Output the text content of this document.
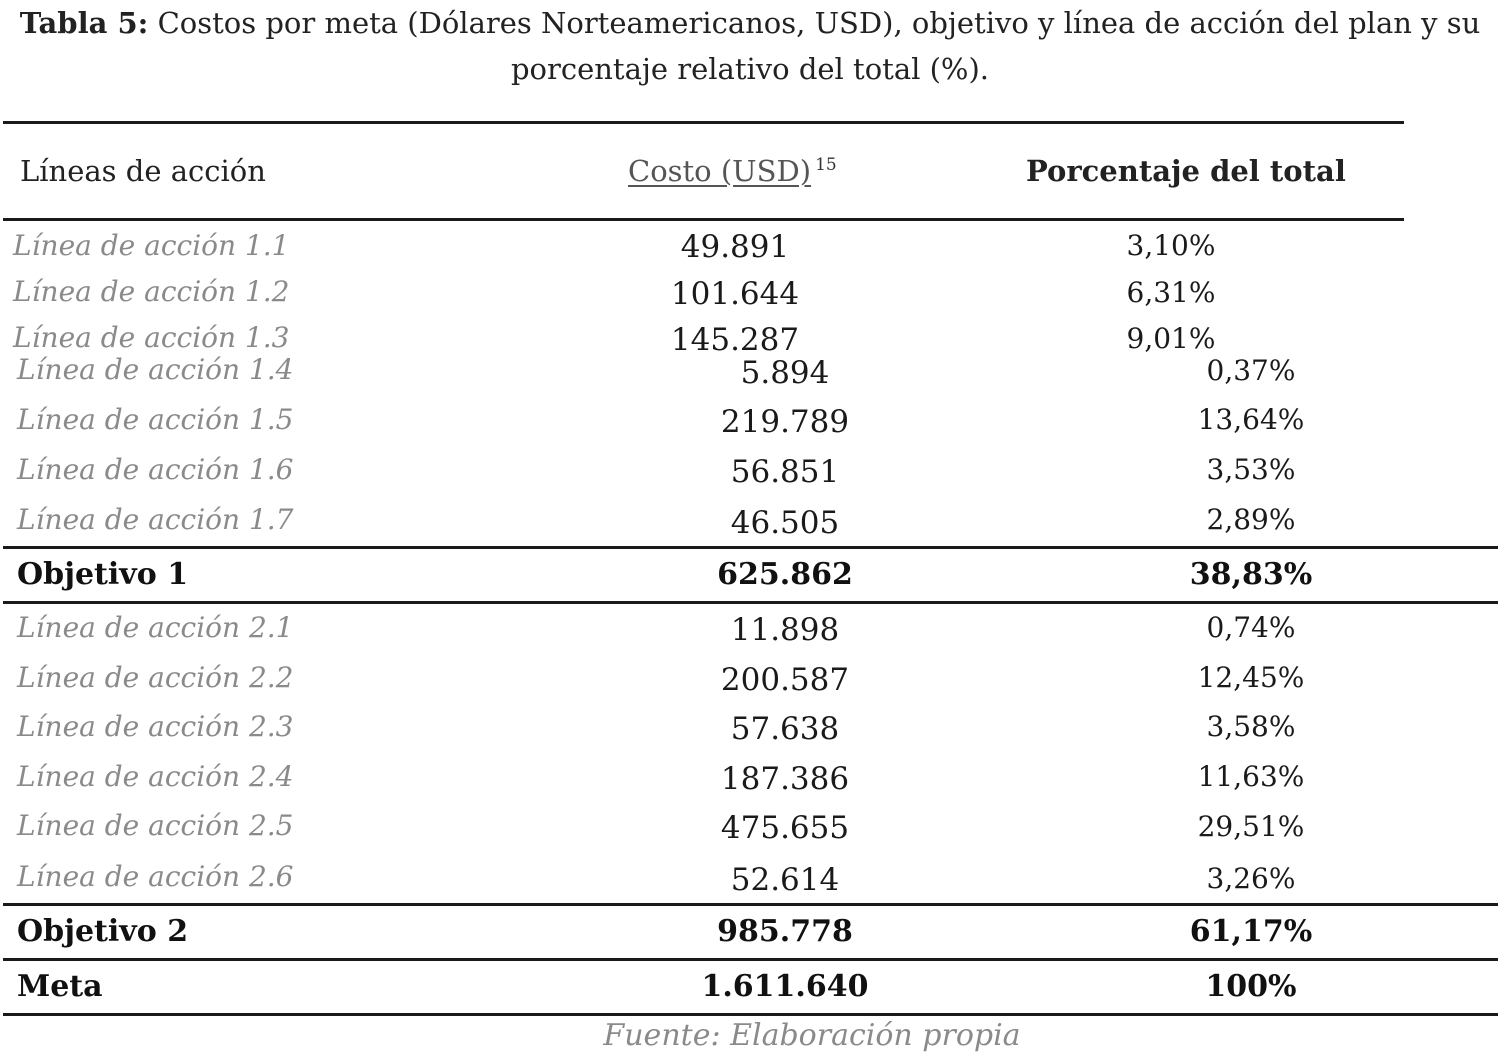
Tabla 5: Costos por meta (Dólares Norteamericanos, USD), objetivo y línea de acción del plan y su porcentaje relativo del total (%).
Líneas de acción	Costo (USD) $^{15}$	Porcentaje del total
Línea de acción 1.1	49.891	3,10%
Línea de acción 1.2	101.644	6,31%
Línea de acción 1.3	145.287	9,01%
Línea de acción 1.4	5.894	0,37%
Línea de acción 1.5	219.789	13,64%
Línea de acción 1.6	56.851	3,53%
Línea de acción 1.7	46.505	2,89%
Objetivo 1	625.862	38,83%
Línea de acción 2.1	11.898	0,74%
Línea de acción 2.2	200.587	12,45%
Línea de acción 2.3	57.638	3,58%
Línea de acción 2.4	187.386	11,63%
Línea de acción 2.5	475.655	29,51%
Línea de acción 2.6	52.614	3,26%
Objetivo 2	985.778	61,17%
Meta	1.611.640	100%
Fuente: Elaboración propia
